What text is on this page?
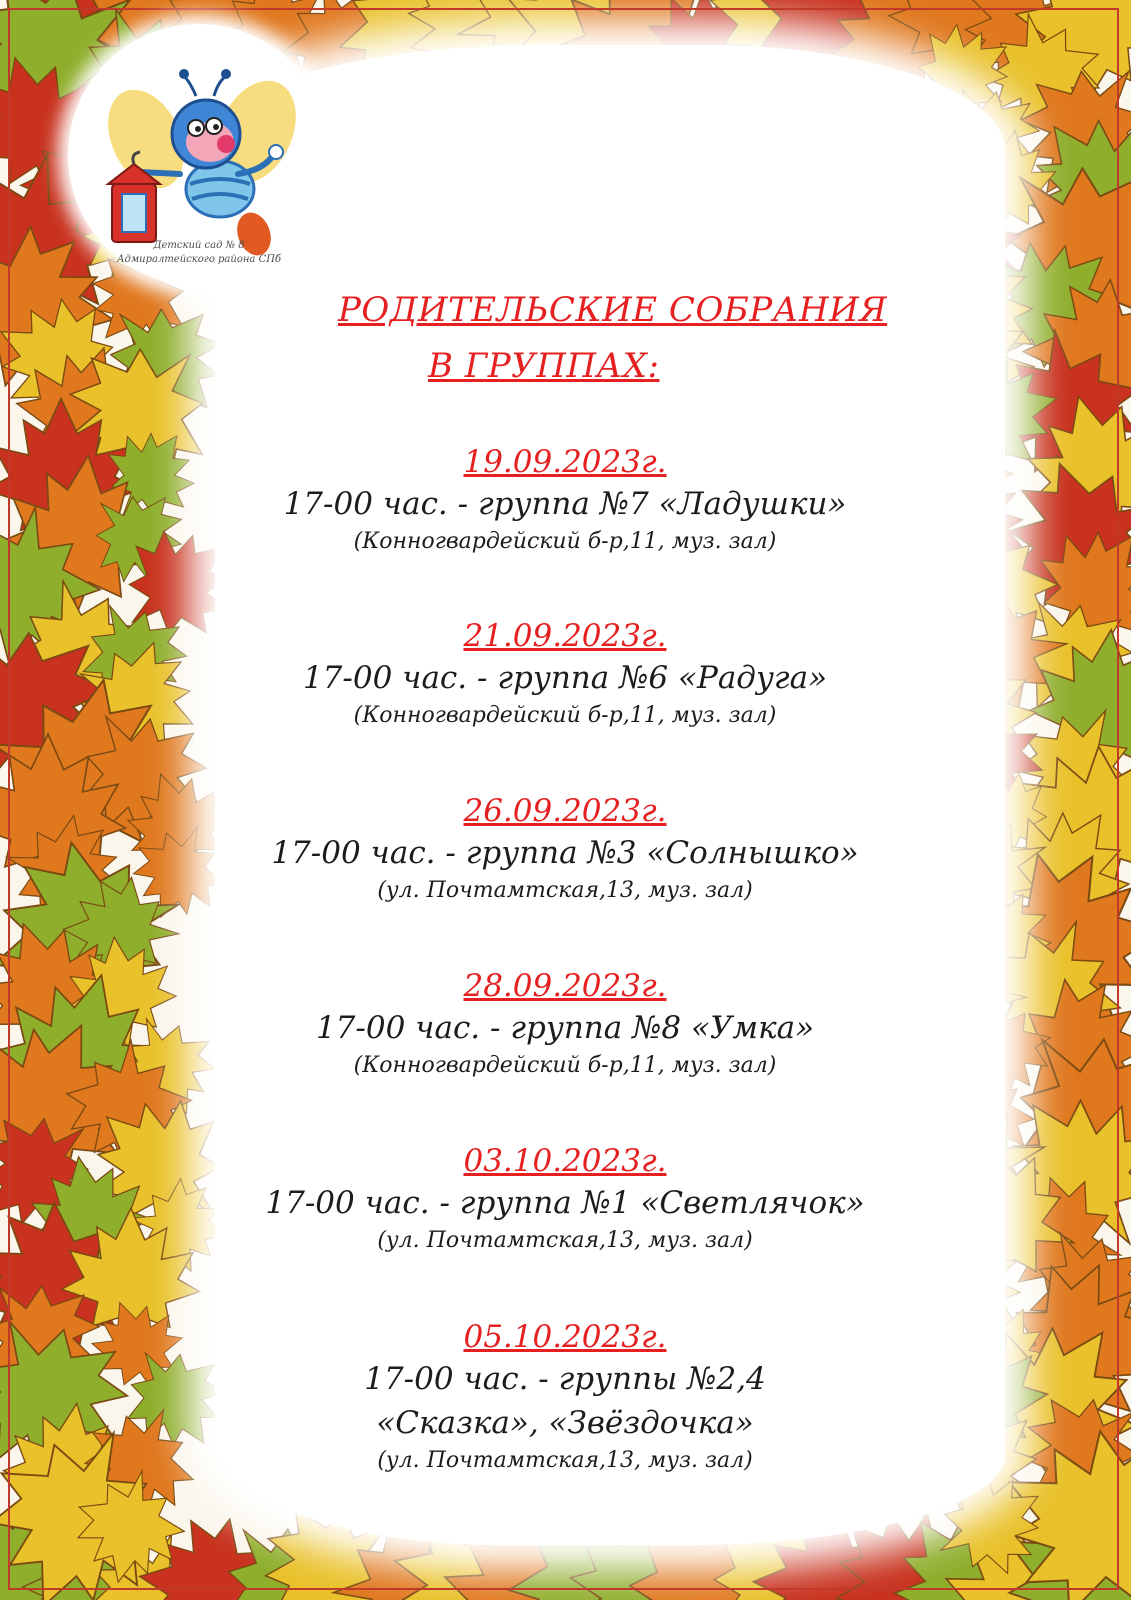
Детский сад № 8
Адмиралтейского района СПб
РОДИТЕЛЬСКИЕ СОБРАНИЯ
В ГРУППАХ:
19.09.2023г.
17-00 час. - группа №7 «Ладушки»
(Конногвардейский б-р,11, муз. зал)
21.09.2023г.
17-00 час. - группа №6 «Радуга»
(Конногвардейский б-р,11, муз. зал)
26.09.2023г.
17-00 час. - группа №3 «Солнышко»
(ул. Почтамтская,13, муз. зал)
28.09.2023г.
17-00 час. - группа №8 «Умка»
(Конногвардейский б-р,11, муз. зал)
03.10.2023г.
17-00 час. - группа №1 «Светлячок»
(ул. Почтамтская,13, муз. зал)
05.10.2023г.
17-00 час. - группы №2,4
«Сказка», «Звёздочка»
(ул. Почтамтская,13, муз. зал)
